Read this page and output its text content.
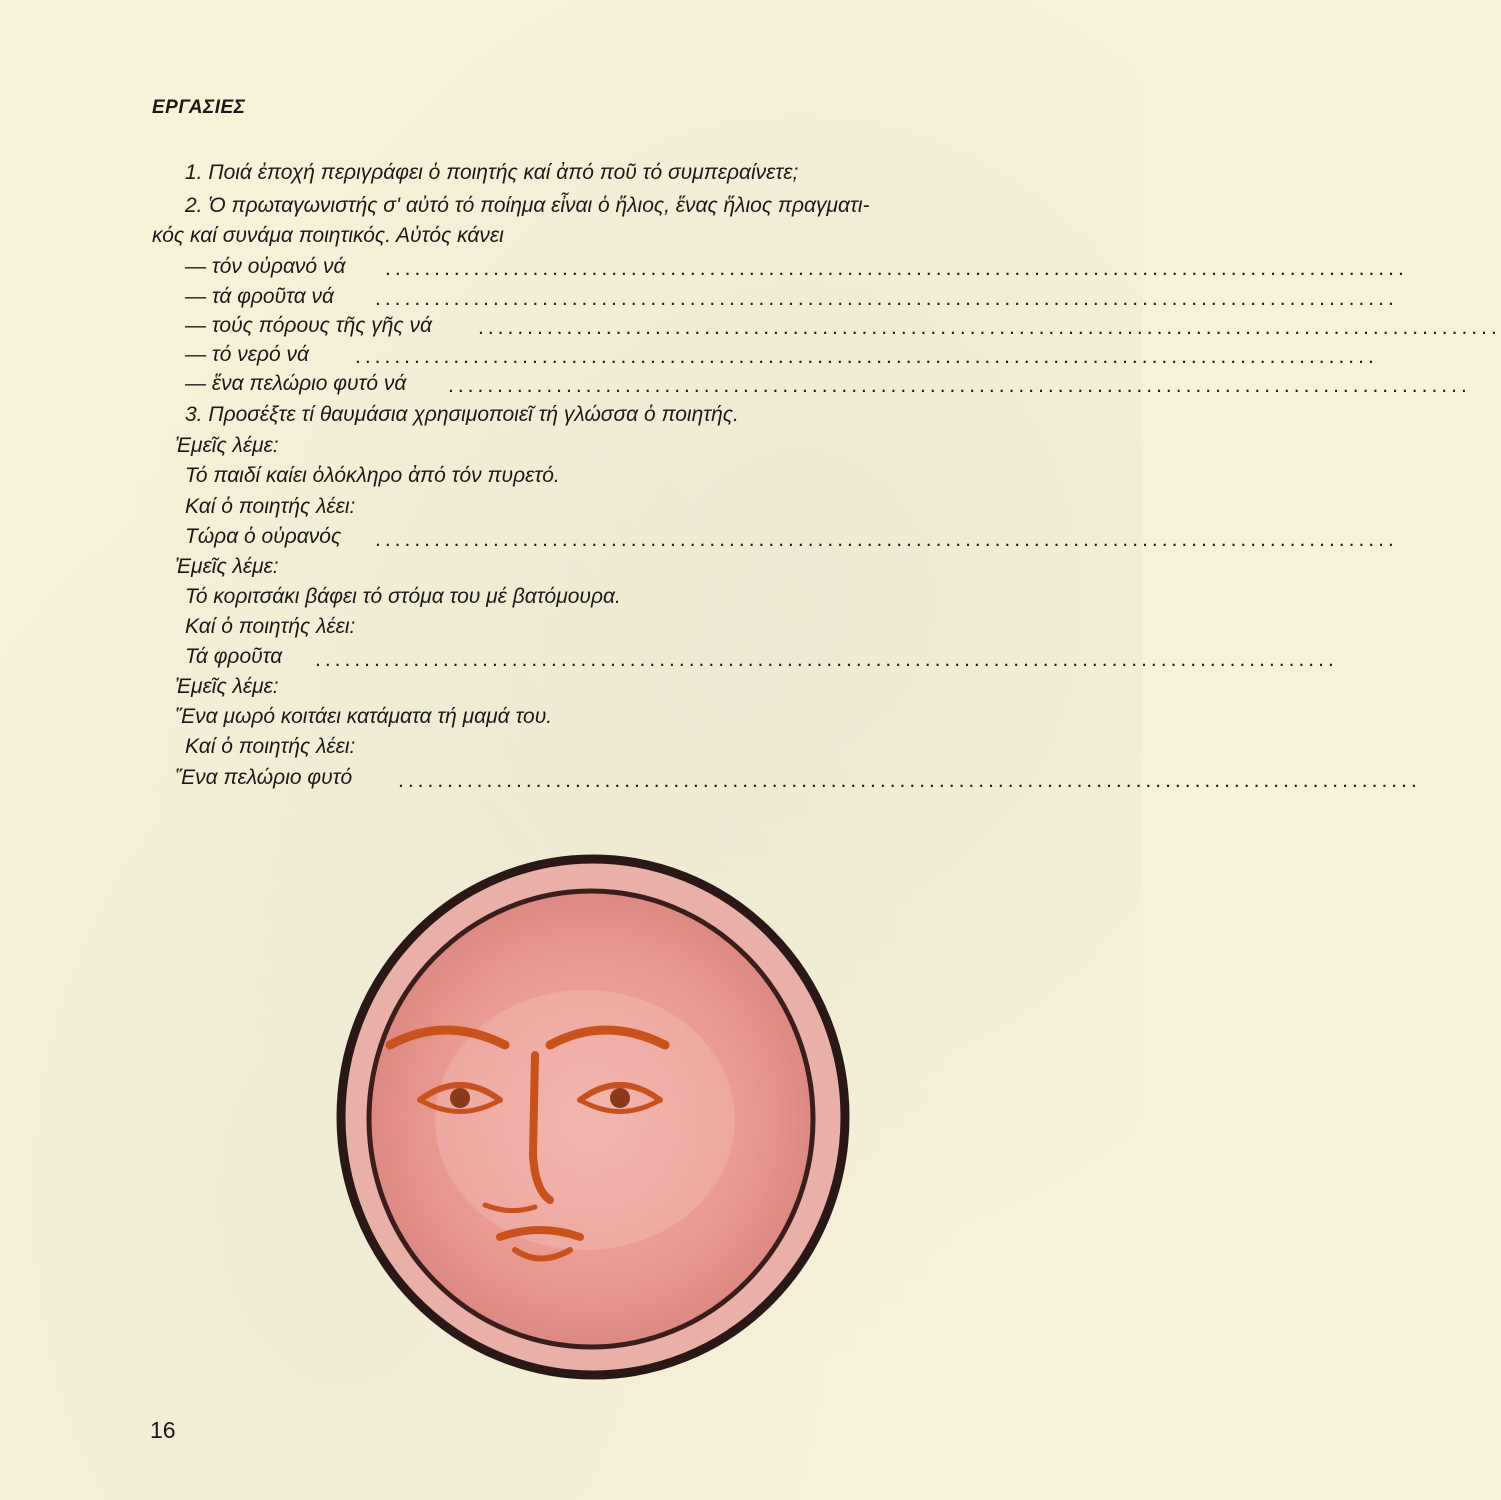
ΕΡΓΑΣΙΕΣ
1. Ποιά ἐποχή περιγράφει ὁ ποιητής καί ἀπό ποῦ τό συμπεραίνετε;
2. Ὁ πρωταγωνιστής σ' αὐτό τό ποίημα εἶναι ὁ ἥλιος, ἕνας ἥλιος πραγματι-
κός καί συνάμα ποιητικός. Αὐτός κάνει
— τόν οὐρανό νά ........................................................................................................
— τά φροῦτα νά ........................................................................................................
— τούς πόρους τῆς γῆς νά ........................................................................................................
— τό νερό νά ........................................................................................................
— ἕνα πελώριο φυτό νά ........................................................................................................
3. Προσέξτε τί θαυμάσια χρησιμοποιεῖ τή γλώσσα ὁ ποιητής.
Ἐμεῖς λέμε:
Τό παιδί καίει ὁλόκληρο ἀπό τόν πυρετό.
Καί ὁ ποιητής λέει:
Τώρα ὁ οὐρανός ........................................................................................................
Ἐμεῖς λέμε:
Τό κοριτσάκι βάφει τό στόμα του μέ βατόμουρα.
Καί ὁ ποιητής λέει:
Τά φροῦτα ........................................................................................................
Ἐμεῖς λέμε:
Ἕνα μωρό κοιτάει κατάματα τή μαμά του.
Καί ὁ ποιητής λέει:
Ἕνα πελώριο φυτό ........................................................................................................
16
